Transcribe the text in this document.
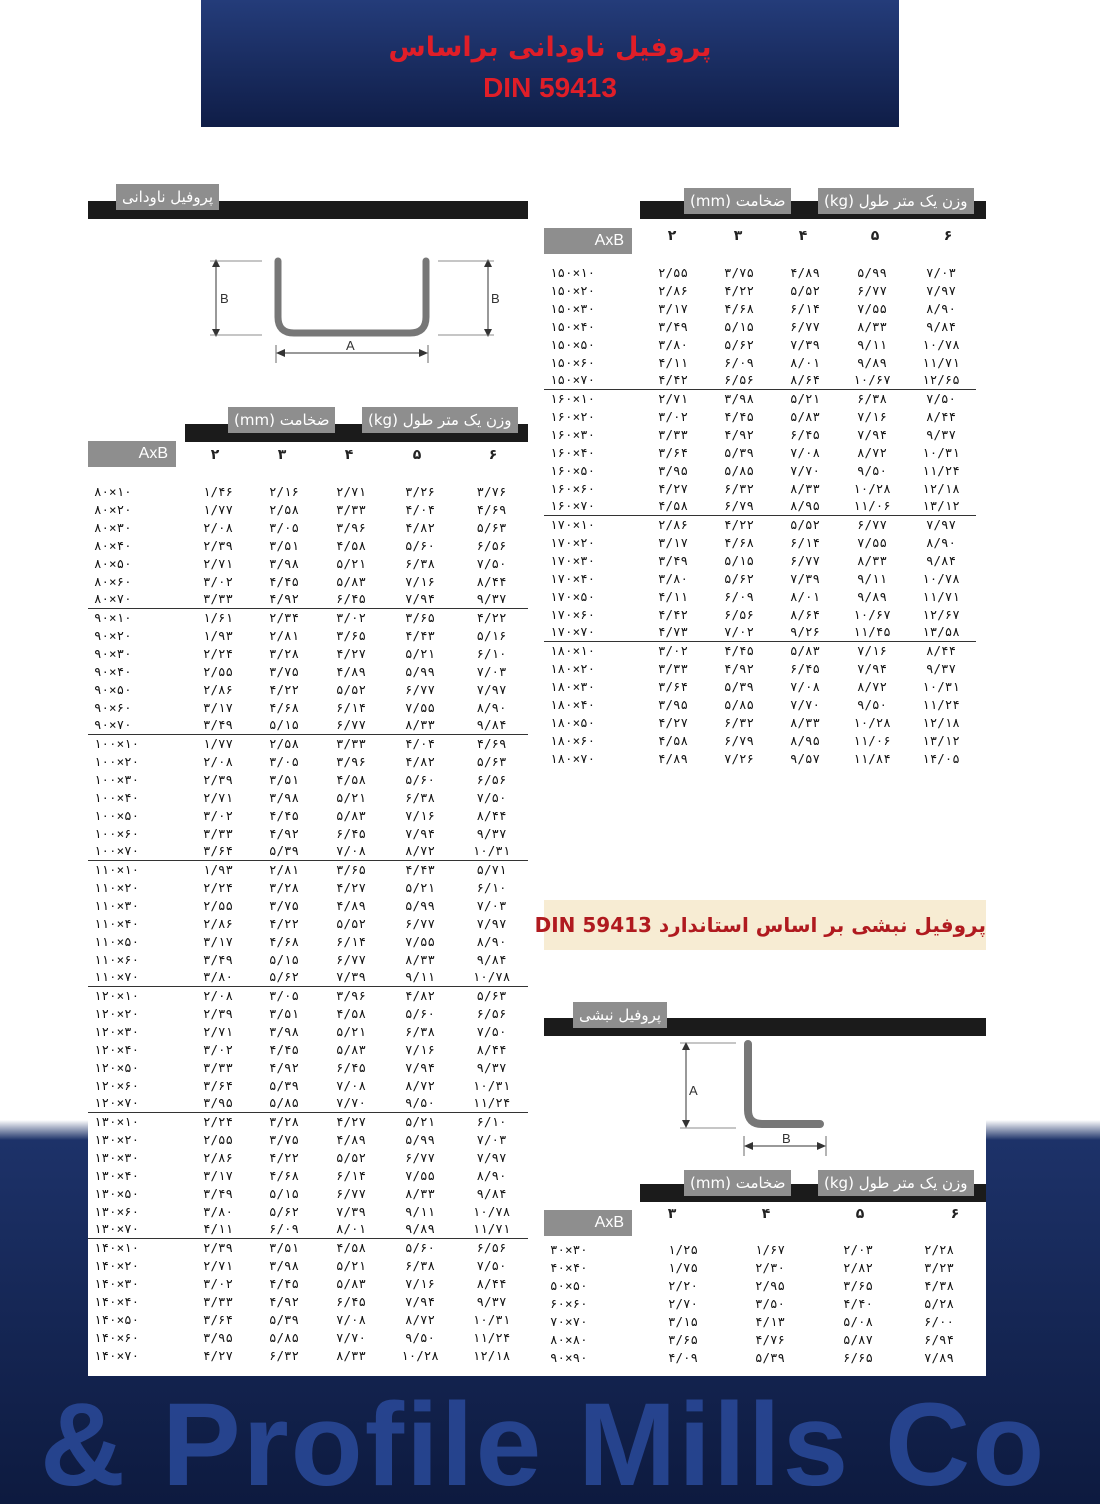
پروفیل ناودانی براساس
DIN 59413
پروفیل ناودانی
B	B
A
ضخامت (mm)	وزن یک متر طول (kg)
AxB	۲	۳	۴	۵	۶
۸۰×۱۰	۱/۴۶	۲/۱۶	۲/۷۱	۳/۲۶	۳/۷۶
۸۰×۲۰	۱/۷۷	۲/۵۸	۳/۳۳	۴/۰۴	۴/۶۹
۸۰×۳۰	۲/۰۸	۳/۰۵	۳/۹۶	۴/۸۲	۵/۶۳
۸۰×۴۰	۲/۳۹	۳/۵۱	۴/۵۸	۵/۶۰	۶/۵۶
۸۰×۵۰	۲/۷۱	۳/۹۸	۵/۲۱	۶/۳۸	۷/۵۰
۸۰×۶۰	۳/۰۲	۴/۴۵	۵/۸۳	۷/۱۶	۸/۴۴
۸۰×۷۰	۳/۳۳	۴/۹۲	۶/۴۵	۷/۹۴	۹/۳۷
۹۰×۱۰	۱/۶۱	۲/۳۴	۳/۰۲	۳/۶۵	۴/۲۲
۹۰×۲۰	۱/۹۳	۲/۸۱	۳/۶۵	۴/۴۳	۵/۱۶
۹۰×۳۰	۲/۲۴	۳/۲۸	۴/۲۷	۵/۲۱	۶/۱۰
۹۰×۴۰	۲/۵۵	۳/۷۵	۴/۸۹	۵/۹۹	۷/۰۳
۹۰×۵۰	۲/۸۶	۴/۲۲	۵/۵۲	۶/۷۷	۷/۹۷
۹۰×۶۰	۳/۱۷	۴/۶۸	۶/۱۴	۷/۵۵	۸/۹۰
۹۰×۷۰	۳/۴۹	۵/۱۵	۶/۷۷	۸/۳۳	۹/۸۴
۱۰۰×۱۰	۱/۷۷	۲/۵۸	۳/۳۳	۴/۰۴	۴/۶۹
۱۰۰×۲۰	۲/۰۸	۳/۰۵	۳/۹۶	۴/۸۲	۵/۶۳
۱۰۰×۳۰	۲/۳۹	۳/۵۱	۴/۵۸	۵/۶۰	۶/۵۶
۱۰۰×۴۰	۲/۷۱	۳/۹۸	۵/۲۱	۶/۳۸	۷/۵۰
۱۰۰×۵۰	۳/۰۲	۴/۴۵	۵/۸۳	۷/۱۶	۸/۴۴
۱۰۰×۶۰	۳/۳۳	۴/۹۲	۶/۴۵	۷/۹۴	۹/۳۷
۱۰۰×۷۰	۳/۶۴	۵/۳۹	۷/۰۸	۸/۷۲	۱۰/۳۱
۱۱۰×۱۰	۱/۹۳	۲/۸۱	۳/۶۵	۴/۴۳	۵/۷۱
۱۱۰×۲۰	۲/۲۴	۳/۲۸	۴/۲۷	۵/۲۱	۶/۱۰
۱۱۰×۳۰	۲/۵۵	۳/۷۵	۴/۸۹	۵/۹۹	۷/۰۳
۱۱۰×۴۰	۲/۸۶	۴/۲۲	۵/۵۲	۶/۷۷	۷/۹۷
۱۱۰×۵۰	۳/۱۷	۴/۶۸	۶/۱۴	۷/۵۵	۸/۹۰
۱۱۰×۶۰	۳/۴۹	۵/۱۵	۶/۷۷	۸/۳۳	۹/۸۴
۱۱۰×۷۰	۳/۸۰	۵/۶۲	۷/۳۹	۹/۱۱	۱۰/۷۸
۱۲۰×۱۰	۲/۰۸	۳/۰۵	۳/۹۶	۴/۸۲	۵/۶۳
۱۲۰×۲۰	۲/۳۹	۳/۵۱	۴/۵۸	۵/۶۰	۶/۵۶
۱۲۰×۳۰	۲/۷۱	۳/۹۸	۵/۲۱	۶/۳۸	۷/۵۰
۱۲۰×۴۰	۳/۰۲	۴/۴۵	۵/۸۳	۷/۱۶	۸/۴۴
۱۲۰×۵۰	۳/۳۳	۴/۹۲	۶/۴۵	۷/۹۴	۹/۳۷
۱۲۰×۶۰	۳/۶۴	۵/۳۹	۷/۰۸	۸/۷۲	۱۰/۳۱
۱۲۰×۷۰	۳/۹۵	۵/۸۵	۷/۷۰	۹/۵۰	۱۱/۲۴
۱۳۰×۱۰	۲/۲۴	۳/۲۸	۴/۲۷	۵/۲۱	۶/۱۰
۱۳۰×۲۰	۲/۵۵	۳/۷۵	۴/۸۹	۵/۹۹	۷/۰۳
۱۳۰×۳۰	۲/۸۶	۴/۲۲	۵/۵۲	۶/۷۷	۷/۹۷
۱۳۰×۴۰	۳/۱۷	۴/۶۸	۶/۱۴	۷/۵۵	۸/۹۰
۱۳۰×۵۰	۳/۴۹	۵/۱۵	۶/۷۷	۸/۳۳	۹/۸۴
۱۳۰×۶۰	۳/۸۰	۵/۶۲	۷/۳۹	۹/۱۱	۱۰/۷۸
۱۳۰×۷۰	۴/۱۱	۶/۰۹	۸/۰۱	۹/۸۹	۱۱/۷۱
۱۴۰×۱۰	۲/۳۹	۳/۵۱	۴/۵۸	۵/۶۰	۶/۵۶
۱۴۰×۲۰	۲/۷۱	۳/۹۸	۵/۲۱	۶/۳۸	۷/۵۰
۱۴۰×۳۰	۳/۰۲	۴/۴۵	۵/۸۳	۷/۱۶	۸/۴۴
۱۴۰×۴۰	۳/۳۳	۴/۹۲	۶/۴۵	۷/۹۴	۹/۳۷
۱۴۰×۵۰	۳/۶۴	۵/۳۹	۷/۰۸	۸/۷۲	۱۰/۳۱
۱۴۰×۶۰	۳/۹۵	۵/۸۵	۷/۷۰	۹/۵۰	۱۱/۲۴
۱۴۰×۷۰	۴/۲۷	۶/۳۲	۸/۳۳	۱۰/۲۸	۱۲/۱۸
ضخامت (mm)	وزن یک متر طول (kg)
AxB	۲	۳	۴	۵	۶
۱۵۰×۱۰	۲/۵۵	۳/۷۵	۴/۸۹	۵/۹۹	۷/۰۳
۱۵۰×۲۰	۲/۸۶	۴/۲۲	۵/۵۲	۶/۷۷	۷/۹۷
۱۵۰×۳۰	۳/۱۷	۴/۶۸	۶/۱۴	۷/۵۵	۸/۹۰
۱۵۰×۴۰	۳/۴۹	۵/۱۵	۶/۷۷	۸/۳۳	۹/۸۴
۱۵۰×۵۰	۳/۸۰	۵/۶۲	۷/۳۹	۹/۱۱	۱۰/۷۸
۱۵۰×۶۰	۴/۱۱	۶/۰۹	۸/۰۱	۹/۸۹	۱۱/۷۱
۱۵۰×۷۰	۴/۴۲	۶/۵۶	۸/۶۴	۱۰/۶۷	۱۲/۶۵
۱۶۰×۱۰	۲/۷۱	۳/۹۸	۵/۲۱	۶/۳۸	۷/۵۰
۱۶۰×۲۰	۳/۰۲	۴/۴۵	۵/۸۳	۷/۱۶	۸/۴۴
۱۶۰×۳۰	۳/۳۳	۴/۹۲	۶/۴۵	۷/۹۴	۹/۳۷
۱۶۰×۴۰	۳/۶۴	۵/۳۹	۷/۰۸	۸/۷۲	۱۰/۳۱
۱۶۰×۵۰	۳/۹۵	۵/۸۵	۷/۷۰	۹/۵۰	۱۱/۲۴
۱۶۰×۶۰	۴/۲۷	۶/۳۲	۸/۳۳	۱۰/۲۸	۱۲/۱۸
۱۶۰×۷۰	۴/۵۸	۶/۷۹	۸/۹۵	۱۱/۰۶	۱۳/۱۲
۱۷۰×۱۰	۲/۸۶	۴/۲۲	۵/۵۲	۶/۷۷	۷/۹۷
۱۷۰×۲۰	۳/۱۷	۴/۶۸	۶/۱۴	۷/۵۵	۸/۹۰
۱۷۰×۳۰	۳/۴۹	۵/۱۵	۶/۷۷	۸/۳۳	۹/۸۴
۱۷۰×۴۰	۳/۸۰	۵/۶۲	۷/۳۹	۹/۱۱	۱۰/۷۸
۱۷۰×۵۰	۴/۱۱	۶/۰۹	۸/۰۱	۹/۸۹	۱۱/۷۱
۱۷۰×۶۰	۴/۴۲	۶/۵۶	۸/۶۴	۱۰/۶۷	۱۲/۶۷
۱۷۰×۷۰	۴/۷۳	۷/۰۲	۹/۲۶	۱۱/۴۵	۱۳/۵۸
۱۸۰×۱۰	۳/۰۲	۴/۴۵	۵/۸۳	۷/۱۶	۸/۴۴
۱۸۰×۲۰	۳/۳۳	۴/۹۲	۶/۴۵	۷/۹۴	۹/۳۷
۱۸۰×۳۰	۳/۶۴	۵/۳۹	۷/۰۸	۸/۷۲	۱۰/۳۱
۱۸۰×۴۰	۳/۹۵	۵/۸۵	۷/۷۰	۹/۵۰	۱۱/۲۴
۱۸۰×۵۰	۴/۲۷	۶/۳۲	۸/۳۳	۱۰/۲۸	۱۲/۱۸
۱۸۰×۶۰	۴/۵۸	۶/۷۹	۸/۹۵	۱۱/۰۶	۱۳/۱۲
۱۸۰×۷۰	۴/۸۹	۷/۲۶	۹/۵۷	۱۱/۸۴	۱۴/۰۵
پروفیل نبشی بر اساس استاندارد DIN 59413
پروفیل نبشی
A
B
ضخامت (mm)	وزن یک متر طول (kg)
AxB	۳	۴	۵	۶
۳۰×۳۰	۱/۲۵	۱/۶۷	۲/۰۳	۲/۲۸
۴۰×۴۰	۱/۷۵	۲/۳۰	۲/۸۲	۳/۲۳
۵۰×۵۰	۲/۲۰	۲/۹۵	۳/۶۵	۴/۳۸
۶۰×۶۰	۲/۷۰	۳/۵۰	۴/۴۰	۵/۲۸
۷۰×۷۰	۳/۱۵	۴/۱۳	۵/۰۸	۶/۰۰
۸۰×۸۰	۳/۶۵	۴/۷۶	۵/۸۷	۶/۹۴
۹۰×۹۰	۴/۰۹	۵/۳۹	۶/۶۵	۷/۸۹
& Profile Mills Co
